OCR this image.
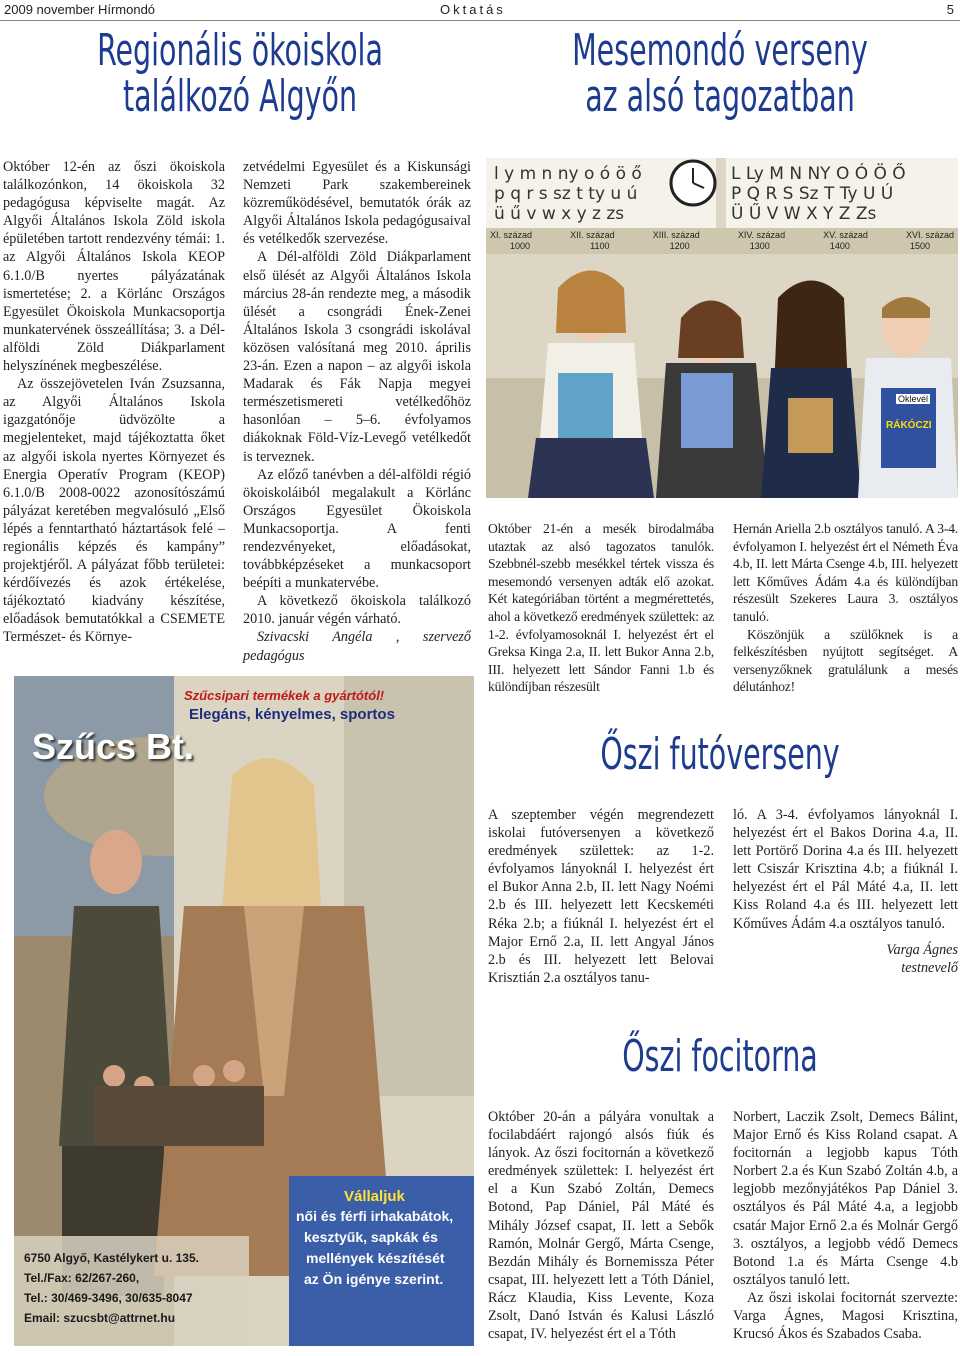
2009 november Hírmondó	Oktatás	5
Regionális ökoiskola
találkozó Algyőn

Október 12-én az őszi ökoiskola találkozónkon, 14 ökoiskola 32 pedagógusa képviselte magát. Az Algyői Általános Iskola Zöld iskola épületében tartott rendezvény témái: 1. az Algyői Általános Iskola KEOP 6.1.0/B nyertes pályázatának ismertetése; 2. a Körlánc Országos Egyesület Ökoiskola Munkacsoportja munkatervének összeállítása; 3. a Dél-alföldi Zöld Diákparlament helyszínének megbeszélése.

Az összejövetelen Iván Zsuzsanna, az Algyői Általános Iskola igazgatónője üdvözölte a megjelenteket, majd tájékoztatta őket az algyői iskola nyertes Környezet és Energia Operatív Program (KEOP) 6.1.0/B 2008-0022 azonosítószámú pályázat keretében megvalósuló „Első lépés a fenntartható háztartások felé – regionális képzés és kampány” projektjéről. A pályázat főbb területei: kérdőívezés és azok értékelése, tájékoztató kiadvány készítése, előadások bemutatókkal a CSEMETE Természet- és Környe-

zetvédelmi Egyesület és a Kiskunsági Nemzeti Park szakembereinek közreműködésével, bemutatók órák az Algyői Általános Iskola pedagógusaival és vetélkedők szervezése.

A Dél-alföldi Zöld Diákparlament első ülését az Algyői Általános Iskola március 28-án rendezte meg, a második ülését a csongrádi Ének-Zenei Általános Iskola 3 csongrádi iskolával közösen valósítaná meg 2010. április 23-án. Ezen a napon – az algyői iskola Madarak és Fák Napja megyei természetismereti vetélkedőhöz hasonlóan – 5–6. évfolyamos diákoknak Föld-Víz-Levegő vetélkedőt is terveznek.

Az előző tanévben a dél-alföldi régió ökoiskoláiból megalakult a Körlánc Országos Egyesület Ökoiskola Munkacsoportja. A fenti rendezvényeket, előadásokat, továbbképzéseket a munkacsoport beépíti a munkatervébe.

A következő ökoiskola találkozó 2010. január végén várható.

Szivacski Angéla , szervező pedagógus

Szűcsipari termékek a gyártótól!
Elegáns, kényelmes, sportos
Szűcs Bt.
6750 Algyő, Kastélykert u. 135.
Tel./Fax: 62/267-260,
Tel.: 30/469-3496, 30/635-8047
Email: szucsbt@attrnet.hu
Vállaljuk
női és férfi irhakabátok,
kesztyűk, sapkák és
mellények készítését
az Ön igénye szerint.
Mesemondó verseny
az alsó tagozatban
l y m n ny o ó ö ő
p q r s sz t ty u ú
ü ű v w x y z zs
L Ly M N NY O Ó Ö Ő
P Q R S Sz T Ty U Ú
Ü Ű V W X Y Z Zs
XI. század	XII. század	XIII. század	XIV. század	XV. század	XVI. század
1000	1100	1200	1300	1400	1500
Oklevél
RÁKÓCZI

Október 21-én a mesék birodalmába utaztak az alsó tagozatos tanulók. Szebbnél-szebb mesékkel tértek vissza és mesemondó versenyen adták elő azokat. Két kategóriában történt a megmérettetés, ahol a következő eredmények születtek: az 1-2. évfolyamosoknál I. helyezést ért el Greksa Kinga 2.a, II. lett Bukor Anna 2.b, III. helyezett lett Sándor Fanni 1.b és különdíjban részesült

Hernán Ariella 2.b osztályos tanuló. A 3-4. évfolyamon I. helyezést ért el Németh Éva 4.b, II. lett Márta Csenge 4.b, III. helyezett lett Kőműves Ádám 4.a és különdíjban részesült Szekeres Laura 3. osztályos tanuló.

Köszönjük a szülőknek is a felkészítésben nyújtott segítséget. A versenyzőknek gratulálunk a mesés délutánhoz!

Őszi futóverseny

A szeptember végén megrendezett iskolai futóversenyen a következő eredmények születtek: az 1-2. évfolyamos lányoknál I. helyezést ért el Bukor Anna 2.b, II. lett Nagy Noémi 2.b és III. helyezett lett Kecskeméti Réka 2.b; a fiúknál I. helyezést ért el Major Ernő 2.a, II. lett Angyal János 2.b és III. helyezett lett Belovai Krisztián 2.a osztályos tanu-

ló. A 3-4. évfolyamos lányoknál I. helyezést ért el Bakos Dorina 4.a, II. lett Portörő Dorina 4.a és III. helyezett lett Csiszár Krisztina 4.b; a fiúknál I. helyezést ért el Pál Máté 4.a, II. lett Kiss Roland 4.a és III. helyezett lett Kőműves Ádám 4.a osztályos tanuló.

Varga Ágnes

testnevelő

Őszi focitorna

Október 20-án a pályára vonultak a focilabdáért rajongó alsós fiúk és lányok. Az őszi focitornán a következő eredmények születtek: I. helyezést ért el a Kun Szabó Zoltán, Demecs Botond, Pap Dániel, Pál Máté és Mihály József csapat, II. lett a Sebők Ramón, Molnár Gergő, Márta Csenge, Bezdán Mihály és Bornemissza Péter csapat, III. helyezett lett a Tóth Dániel, Rácz Klaudia, Kiss Levente, Koza Zsolt, Danó István és Kalusi László csapat, IV. helyezést ért el a Tóth

Norbert, Laczik Zsolt, Demecs Bálint, Major Ernő és Kiss Roland csapat. A focitornán a legjobb kapus Tóth Norbert 2.a és Kun Szabó Zoltán 4.b, a legjobb mezőnyjátékos Pap Dániel 3. osztályos és Pál Máté 4.a, a legjobb csatár Major Ernő 2.a és Molnár Gergő 3. osztályos, a legjobb védő Demecs Botond 1.a és Márta Csenge 4.b osztályos tanuló lett.

Az őszi iskolai focitornát szervezte: Varga Ágnes, Magosi Krisztina, Krucsó Ákos és Szabados Csaba.
